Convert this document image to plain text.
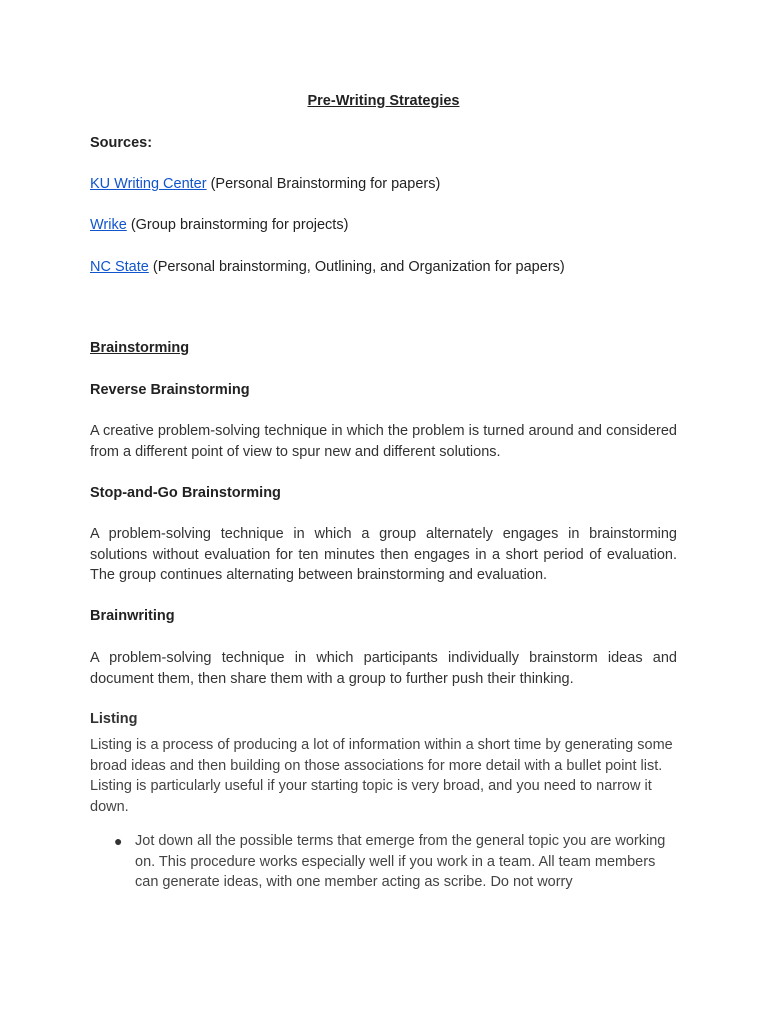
Pre-Writing Strategies
Sources:
KU Writing Center (Personal Brainstorming for papers)
Wrike (Group brainstorming for projects)
NC State (Personal brainstorming, Outlining, and Organization for papers)
Brainstorming
Reverse Brainstorming
A creative problem-solving technique in which the problem is turned around and considered from a different point of view to spur new and different solutions.
Stop-and-Go Brainstorming
A problem-solving technique in which a group alternately engages in brainstorming solutions without evaluation for ten minutes then engages in a short period of evaluation. The group continues alternating between brainstorming and evaluation.
Brainwriting
A problem-solving technique in which participants individually brainstorm ideas and document them, then share them with a group to further push their thinking.
Listing
Listing is a process of producing a lot of information within a short time by generating some broad ideas and then building on those associations for more detail with a bullet point list. Listing is particularly useful if your starting topic is very broad, and you need to narrow it down.
● Jot down all the possible terms that emerge from the general topic you are working on. This procedure works especially well if you work in a team. All team members can generate ideas, with one member acting as scribe. Do not worry
